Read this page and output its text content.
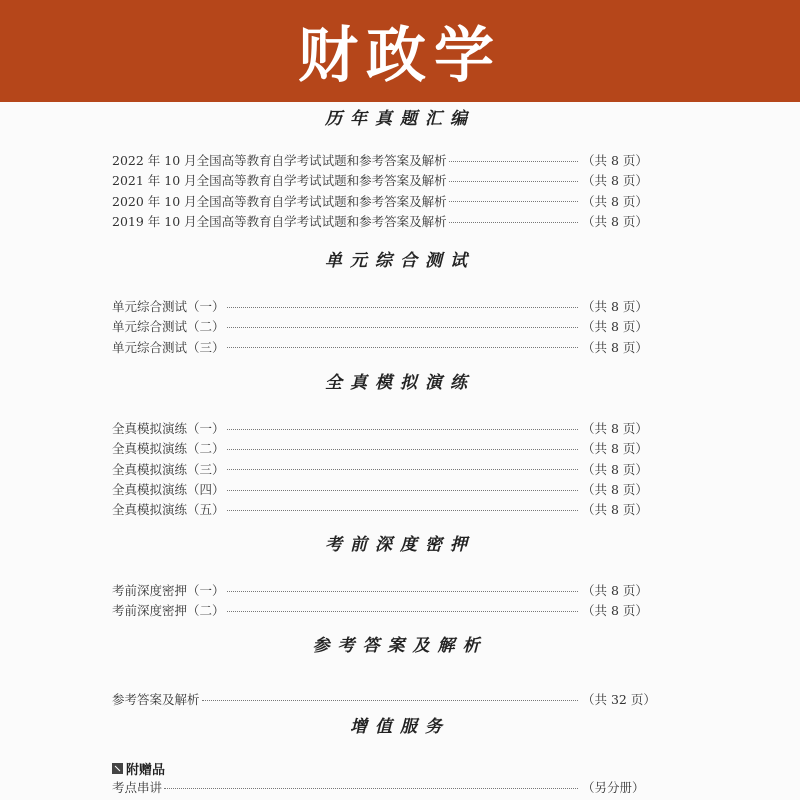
财政学
历年真题汇编
2022 年 10 月全国高等教育自学考试试题和参考答案及解析	（共 8 页）
2021 年 10 月全国高等教育自学考试试题和参考答案及解析	（共 8 页）
2020 年 10 月全国高等教育自学考试试题和参考答案及解析	（共 8 页）
2019 年 10 月全国高等教育自学考试试题和参考答案及解析	（共 8 页）
单元综合测试
单元综合测试（一）	（共 8 页）
单元综合测试（二）	（共 8 页）
单元综合测试（三）	（共 8 页）
全真模拟演练
全真模拟演练（一）	（共 8 页）
全真模拟演练（二）	（共 8 页）
全真模拟演练（三）	（共 8 页）
全真模拟演练（四）	（共 8 页）
全真模拟演练（五）	（共 8 页）
考前深度密押
考前深度密押（一）	（共 8 页）
考前深度密押（二）	（共 8 页）
参考答案及解析
参考答案及解析	（共 32 页）
增值服务
附赠品
考点串讲	（另分册）
